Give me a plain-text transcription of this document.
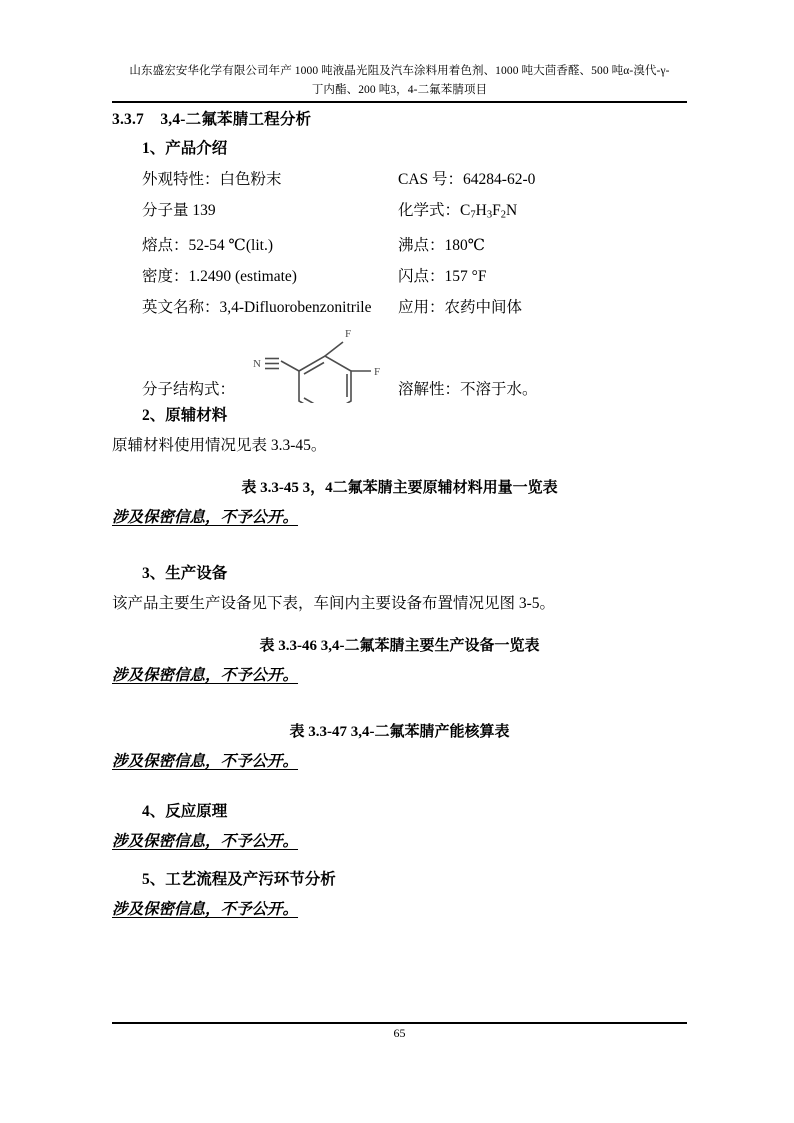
山东盛宏安华化学有限公司年产 1000 吨液晶光阻及汽车涂料用着色剂、1000 吨大茴香醛、500 吨α-溴代-γ-
丁内酯、200 吨3，4-二氟苯腈项目

3.3.7 3,4-二氟苯腈工程分析

1、产品介绍

外观特性：白色粉末	CAS 号：64284-62-0
分子量 139	化学式：$C_7H_3F_2N$
熔点：52-54 ℃(lit.)	沸点：180℃
密度：1.2490 (estimate)	闪点：157 °F
英文名称：3,4-Difluorobenzonitrile	应用：农药中间体
分子结构式：
N
F
F
溶解性：不溶于水。

2、原辅材料

原辅材料使用情况见表 3.3-45。

表 3.3-45 3，4二氟苯腈主要原辅材料用量一览表

涉及保密信息，不予公开。

3、生产设备

该产品主要生产设备见下表，车间内主要设备布置情况见图 3-5。

表 3.3-46 3,4-二氟苯腈主要生产设备一览表

涉及保密信息，不予公开。

表 3.3-47 3,4-二氟苯腈产能核算表

涉及保密信息，不予公开。

4、反应原理

涉及保密信息，不予公开。

5、工艺流程及产污环节分析

涉及保密信息，不予公开。
65
